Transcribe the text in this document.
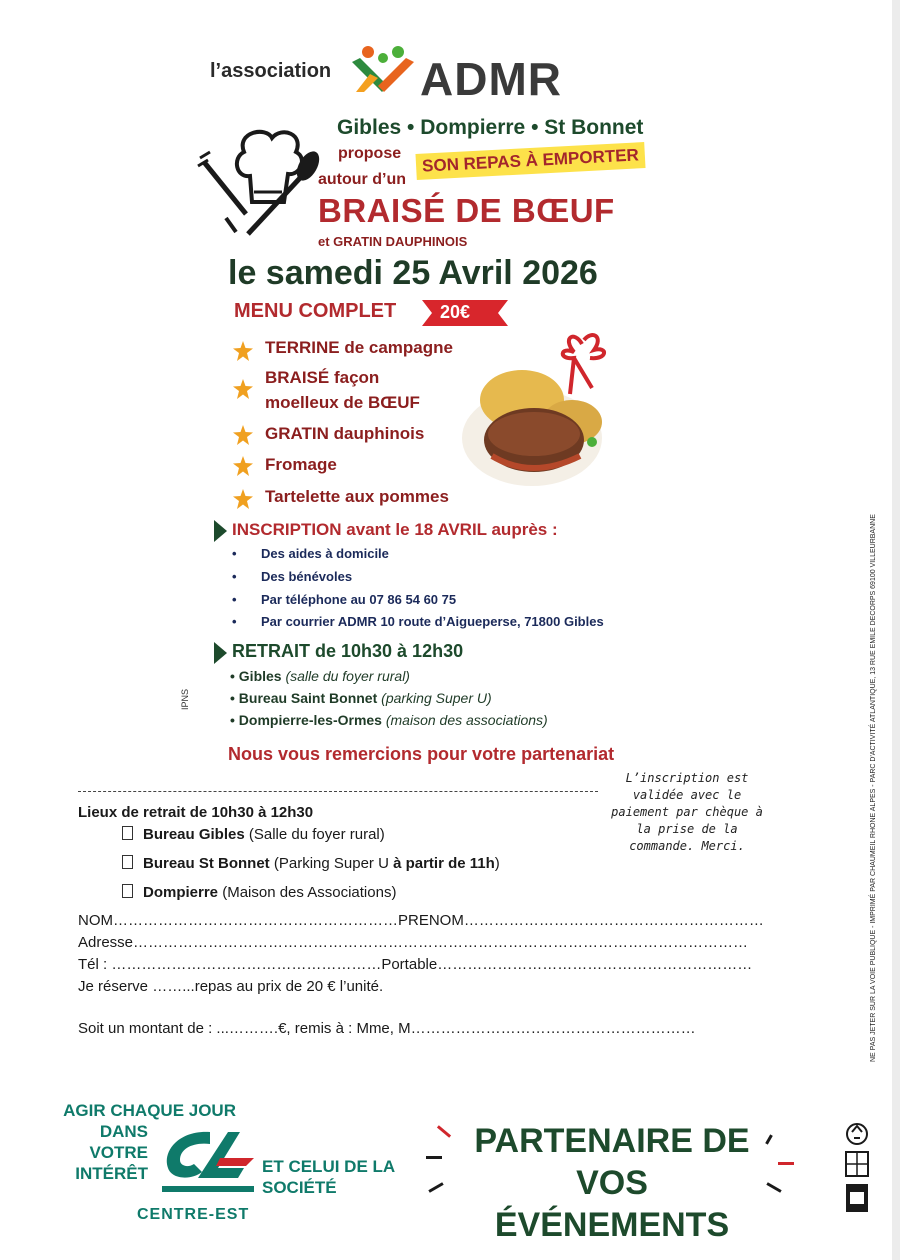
l’association ADMR
Gibles • Dompierre • St Bonnet
propose	SON REPAS À EMPORTER
autour d’un
BRAISÉ DE BŒUF
et GRATIN DAUPHINOIS
le samedi 25 Avril 2026
MENU COMPLET 20€
TERRINE de campagne
BRAISÉ façon
moelleux de BŒUF
GRATIN dauphinois
Fromage
Tartelette aux pommes
INSCRIPTION avant le 18 AVRIL auprès :
• Des aides à domicile
• Des bénévoles
• Par téléphone au 07 86 54 60 75
• Par courrier ADMR 10 route d’Aigueperse, 71800 Gibles
RETRAIT de 10h30 à 12h30
• Gibles (salle du foyer rural)
• Bureau Saint Bonnet (parking Super U)
• Dompierre-les-Ormes (maison des associations)
IPNS
Nous vous remercions pour votre partenariat
L’inscription est validée avec le paiement par chèque à la prise de la commande. Merci.
Lieux de retrait de 10h30 à 12h30
Bureau Gibles (Salle du foyer rural)
Bureau St Bonnet (Parking Super U à partir de 11h)
Dompierre (Maison des Associations)
NOM…………………………………………………PRENOM……………………………………………………
Adresse……………………………………………………………………………………………………………
Tél : ………………………………………………Portable………………………………………………………
Je réserve ……...repas au prix de 20 € l’unité.
Soit un montant de : ...……….€, remis à : Mme, M…………………………………………………
AGIR CHAQUE JOUR
DANS VOTRE
INTÉRÊT	ET CELUI DE LA
SOCIÉTÉ
CENTRE-EST
PARTENAIRE DE
VOS ÉVÉNEMENTS
NE PAS JETER SUR LA VOIE PUBLIQUE - IMPRIMÉ PAR CHAUMEIL RHONE ALPES - PARC D'ACTIVITÉ ATLANTIQUE, 13 RUE EMILE DECORPS 69100 VILLEURBANNE
